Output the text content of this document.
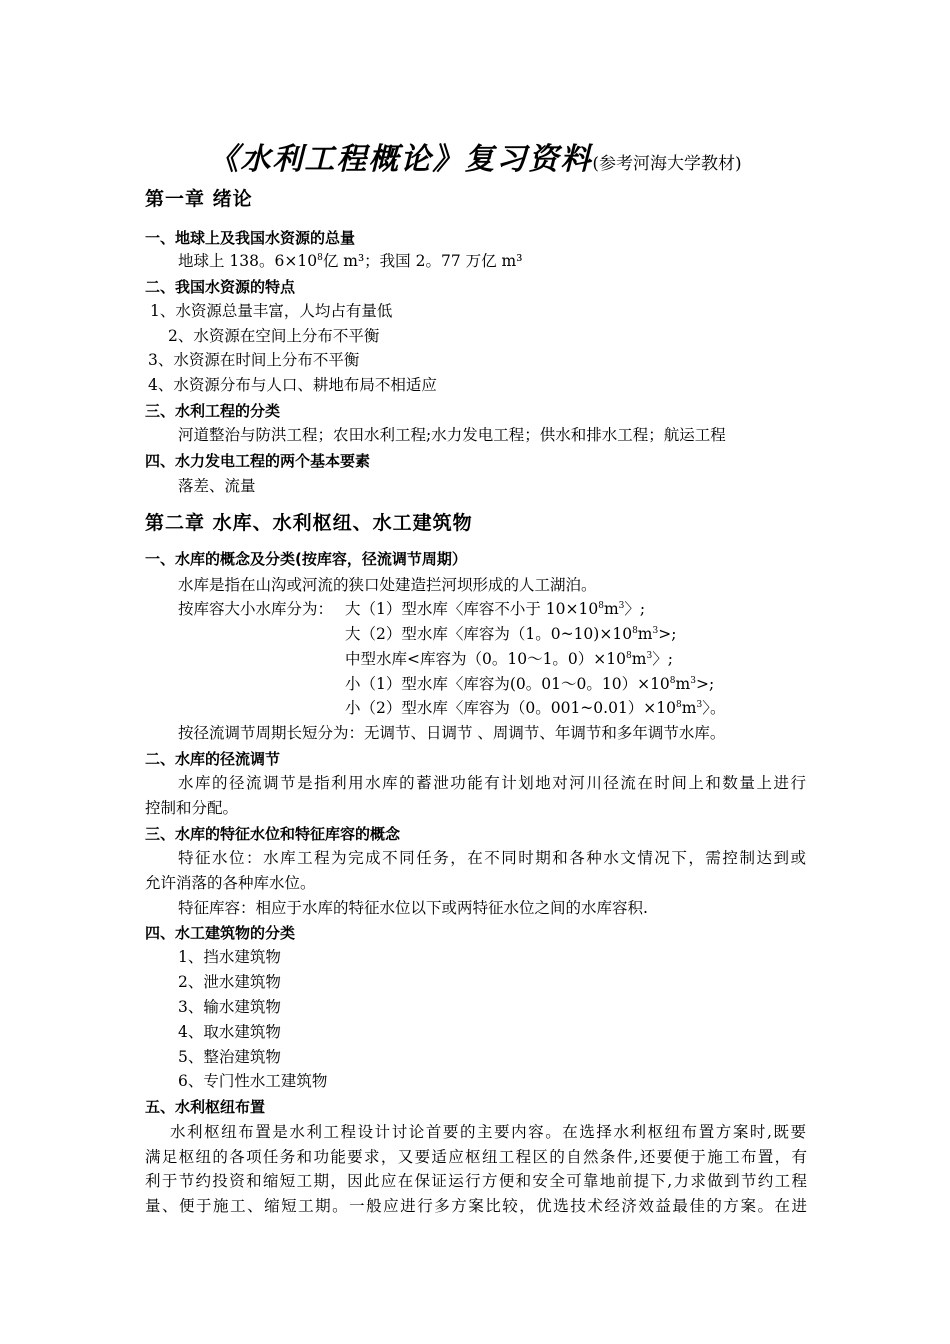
《水利工程概论》复习资料(参考河海大学教材)
第一章 绪论
一、地球上及我国水资源的总量
地球上 138。$6\times 10^8$亿 m³；我国 2。77 万亿 m³
二、我国水资源的特点
1、水资源总量丰富，人均占有量低
2、水资源在空间上分布不平衡
3、水资源在时间上分布不平衡
4、水资源分布与人口、耕地布局不相适应
三、水利工程的分类
河道整治与防洪工程；农田水利工程;水力发电工程；供水和排水工程；航运工程
四、水力发电工程的两个基本要素
落差、流量
第二章 水库、水利枢纽、水工建筑物
一、水库的概念及分类(按库容，径流调节周期）
水库是指在山沟或河流的狭口处建造拦河坝形成的人工湖泊。
按库容大小水库分为： 大（1）型水库〈库容不小于 $10\times 10^8m^3$〉;
大（2）型水库〈库容为（1。$0\sim 10)\times 10^8m^3>$;
中型水库<库容为（0。10～1。$0)\times 10^8m^3$〉;
小（1）型水库〈库容为(0。01～0。$10)\times 10^8m^3>$;
小（2）型水库〈库容为（0。$001\sim 0.01)\times 10^8m^3$〉。
按径流调节周期长短分为：无调节、日调节 、周调节、年调节和多年调节水库。
二、水库的径流调节
水库的径流调节是指利用水库的蓄泄功能有计划地对河川径流在时间上和数量上进行
控制和分配。
三、水库的特征水位和特征库容的概念
特征水位：水库工程为完成不同任务，在不同时期和各种水文情况下，需控制达到或
允许消落的各种库水位。
特征库容：相应于水库的特征水位以下或两特征水位之间的水库容积.
四、水工建筑物的分类
1、挡水建筑物
2、泄水建筑物
3、输水建筑物
4、取水建筑物
5、整治建筑物
6、专门性水工建筑物
五、水利枢纽布置
水利枢纽布置是水利工程设计讨论首要的主要内容。在选择水利枢纽布置方案时,既要
满足枢纽的各项任务和功能要求，又要适应枢纽工程区的自然条件,还要便于施工布置，有
利于节约投资和缩短工期，因此应在保证运行方便和安全可靠地前提下,力求做到节约工程
量、便于施工、缩短工期。一般应进行多方案比较，优选技术经济效益最佳的方案。在进
